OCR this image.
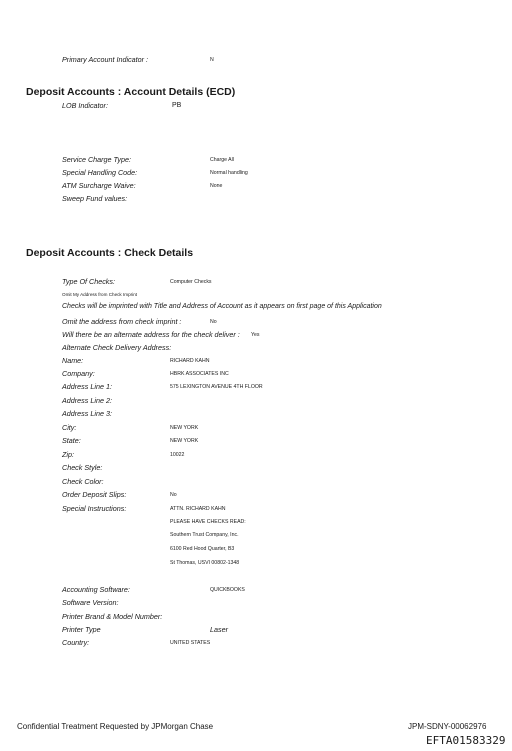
Primary Account Indicator :	N
Deposit Accounts : Account Details (ECD)
LOB Indicator:	PB
Service Charge Type:	Charge All
Special Handling Code:	Normal handling
ATM Surcharge Waive:	None
Sweep Fund values:
Deposit Accounts : Check Details
Type Of Checks:	Computer Checks
Omit My Address from Check Imprint
Checks will be imprinted with Title and Address of Account as it appears on first page of this Application
Omit the address from check imprint :	No
Will there be an alternate address for the check deliver : Yes
Alternate Check Delivery Address:
Name:	RICHARD KAHN
Company:	HBRK ASSOCIATES INC
Address Line 1:	575 LEXINGTON AVENUE 4TH FLOOR
Address Line 2:
Address Line 3:
City:	NEW YORK
State:	NEW YORK
Zip:	10022
Check Style:
Check Color:
Order Deposit Slips:	No
Special Instructions:	ATTN. RICHARD KAHN
PLEASE HAVE CHECKS READ:
Southern Trust Company, Inc.
6100 Red Hood Quarter, B3
St Thomas, USVI 00802-1348
Accounting Software:	QUICKBOOKS
Software Version:
Printer Brand & Model Number:
Printer Type	Laser
Country:	UNITED STATES
Confidential Treatment Requested by JPMorgan Chase	JPM-SDNY-00062976
EFTA01583329
